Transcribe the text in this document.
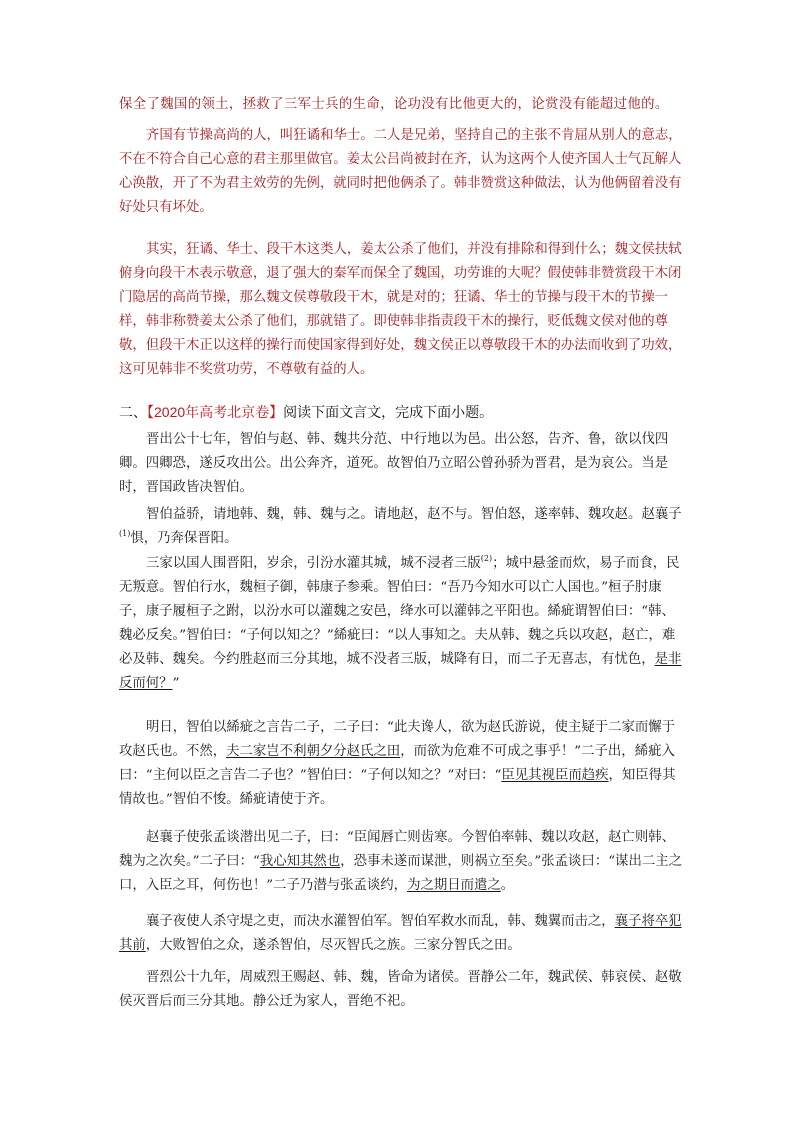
保全了魏国的领土，拯救了三军士兵的生命，论功没有比他更大的，论赏没有能超过他的。

齐国有节操高尚的人，叫狂谲和华士。二人是兄弟，坚持自己的主张不肯屈从别人的意志，不在不符合自己心意的君主那里做官。姜太公吕尚被封在齐，认为这两个人使齐国人士气瓦解人心涣散，开了不为君主效劳的先例，就同时把他俩杀了。韩非赞赏这种做法，认为他俩留着没有好处只有坏处。

其实，狂谲、华士、段干木这类人，姜太公杀了他们，并没有排除和得到什么；魏文侯扶轼俯身向段干木表示敬意，退了强大的秦军而保全了魏国，功劳谁的大呢？假使韩非赞赏段干木闭门隐居的高尚节操，那么魏文侯尊敬段干木，就是对的；狂谲、华士的节操与段干木的节操一样，韩非称赞姜太公杀了他们，那就错了。即使韩非指责段干木的操行，贬低魏文侯对他的尊敬，但段干木正以这样的操行而使国家得到好处，魏文侯正以尊敬段干木的办法而收到了功效，这可见韩非不奖赏功劳，不尊敬有益的人。

二、【2020年高考北京卷】阅读下面文言文，完成下面小题。

晋出公十七年，智伯与赵、韩、魏共分范、中行地以为邑。出公怒，告齐、鲁，欲以伐四卿。四卿恐，遂反攻出公。出公奔齐，道死。故智伯乃立昭公曾孙骄为晋君，是为哀公。当是时，晋国政皆决智伯。

智伯益骄，请地韩、魏，韩、魏与之。请地赵，赵不与。智伯怒，遂率韩、魏攻赵。赵襄子$^{(1)}$惧，乃奔保晋阳。

三家以国人围晋阳，岁余，引汾水灌其城，城不浸者三版$^{(2)}$；城中悬釜而炊，易子而食，民无叛意。智伯行水，魏桓子御，韩康子参乘。智伯曰：“吾乃今知水可以亡人国也。”桓子肘康子，康子履桓子之跗，以汾水可以灌魏之安邑，绛水可以灌韩之平阳也。絺疵谓智伯曰：“韩、魏必反矣。”智伯曰：“子何以知之？”絺疵曰：“以人事知之。夫从韩、魏之兵以攻赵，赵亡，难必及韩、魏矣。今约胜赵而三分其地，城不没者三版，城降有日，而二子无喜志，有忧色，是非反而何？”

明日，智伯以絺疵之言告二子，二子曰：“此夫谗人，欲为赵氏游说，使主疑于二家而懈于攻赵氏也。不然，夫二家岂不利朝夕分赵氏之田，而欲为危难不可成之事乎！”二子出，絺疵入曰：“主何以臣之言告二子也？”智伯曰：“子何以知之？”对曰：“臣见其视臣而趋疾，知臣得其情故也。”智伯不悛。絺疵请使于齐。

赵襄子使张孟谈潜出见二子，曰：“臣闻唇亡则齿寒。今智伯率韩、魏以攻赵，赵亡则韩、魏为之次矣。”二子曰：“我心知其然也，恐事未遂而谋泄，则祸立至矣。”张孟谈曰：“谋出二主之口，入臣之耳，何伤也！”二子乃潜与张孟谈约，为之期日而遣之。

襄子夜使人杀守堤之吏，而决水灌智伯军。智伯军救水而乱，韩、魏翼而击之，襄子将卒犯其前，大败智伯之众，遂杀智伯，尽灭智氏之族。三家分智氏之田。

晋烈公十九年，周威烈王赐赵、韩、魏，皆命为诸侯。晋静公二年，魏武侯、韩哀侯、赵敬侯灭晋后而三分其地。静公迁为家人，晋绝不祀。
